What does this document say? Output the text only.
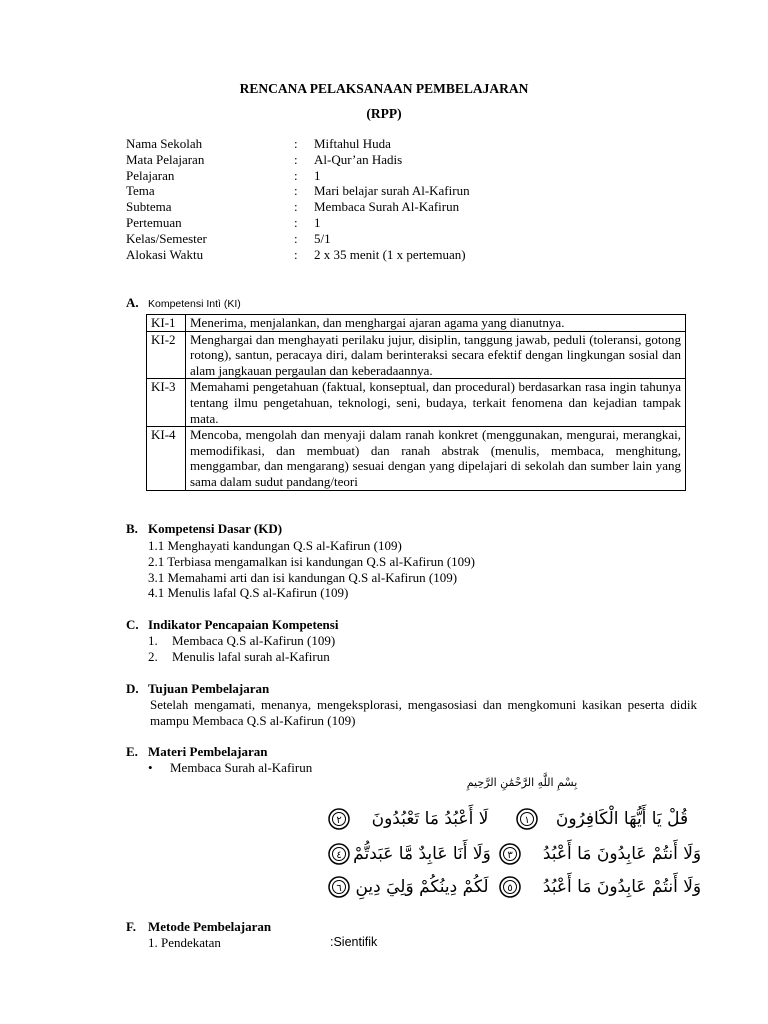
RENCANA PELAKSANAAN PEMBELAJARAN
(RPP)
Nama Sekolah	: Miftahul Huda
Mata Pelajaran	: Al-Qur’an Hadis
Pelajaran	: 1
Tema	: Mari belajar surah Al-Kafirun
Subtema	: Membaca Surah Al-Kafirun
Pertemuan	: 1
Kelas/Semester	: 5/1
Alokasi Waktu	: 2 x 35 menit (1 x pertemuan)
A. Kompetensi Intì (KI)
KI-1	Menerima, menjalankan, dan menghargai ajaran agama yang dianutnya.
KI-2	Menghargai dan menghayati perilaku jujur, disiplin, tanggung jawab, peduli (toleransi, gotong rotong), santun, peracaya diri, dalam berinteraksi secara efektif dengan lingkungan sosial dan alam jangkauan pergaulan dan keberadaannya.
KI-3	Memahami pengetahuan (faktual, konseptual, dan procedural) berdasarkan rasa ingin tahunya tentang ilmu pengetahuan, teknologi, seni, budaya, terkait fenomena dan kejadian tampak mata.
KI-4	Mencoba, mengolah dan menyaji dalam ranah konkret (menggunakan, mengurai, merangkai, memodifikasi, dan membuat) dan ranah abstrak (menulis, membaca, menghitung, menggambar, dan mengarang) sesuai dengan yang dipelajari di sekolah dan sumber lain yang sama dalam sudut pandang/teori
B. Kompetensi Dasar (KD)
1.1 Menghayati kandungan Q.S al-Kafirun (109)
2.1 Terbiasa mengamalkan isi kandungan Q.S al-Kafirun (109)
3.1 Memahami arti dan isi kandungan Q.S al-Kafirun (109)
4.1 Menulis lafal Q.S al-Kafirun (109)
C. Indikator Pencapaian Kompetensi
1. Membaca Q.S al-Kafirun (109)
2. Menulis lafal surah al-Kafirun
D. Tujuan Pembelajaran
Setelah mengamati, menanya, mengeksplorasi, mengasosiasi dan mengkomuni kasikan peserta didik mampu Membaca Q.S al-Kafirun (109)
E. Materi Pembelajaran
• Membaca Surah al-Kafirun
بِسْمِ اللَّهِ الرَّحْمَٰنِ الرَّحِيمِ
قُلْ يَا أَيُّهَا الْكَافِرُونَ
١
لَا أَعْبُدُ مَا تَعْبُدُونَ
٢
وَلَا أَنتُمْ عَابِدُونَ مَا أَعْبُدُ
٣
وَلَا أَنَا عَابِدٌ مَّا عَبَدتُّمْ
٤
وَلَا أَنتُمْ عَابِدُونَ مَا أَعْبُدُ
٥
لَكُمْ دِينُكُمْ وَلِيَ دِينِ
٦
F. Metode Pembelajaran
1. Pendekatan	:Sientifik
